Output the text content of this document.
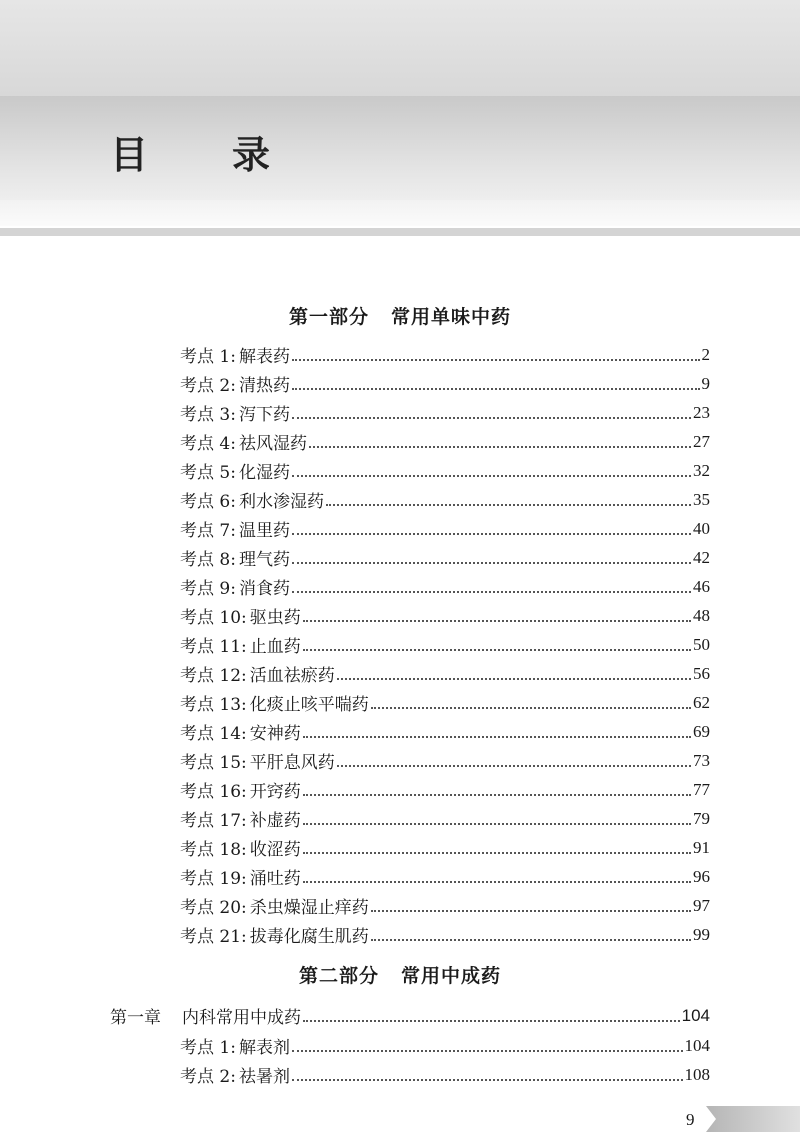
目 录
第一部分 常用单味中药
考点 1: 解表药	2
考点 2: 清热药	9
考点 3: 泻下药	23
考点 4: 祛风湿药	27
考点 5: 化湿药	32
考点 6: 利水渗湿药	35
考点 7: 温里药	40
考点 8: 理气药	42
考点 9: 消食药	46
考点 10: 驱虫药	48
考点 11: 止血药	50
考点 12: 活血祛瘀药	56
考点 13: 化痰止咳平喘药	62
考点 14: 安神药	69
考点 15: 平肝息风药	73
考点 16: 开窍药	77
考点 17: 补虚药	79
考点 18: 收涩药	91
考点 19: 涌吐药	96
考点 20: 杀虫燥湿止痒药	97
考点 21: 拔毒化腐生肌药	99
第二部分 常用中成药
第一章	内科常用中成药	104
考点 1: 解表剂	104
考点 2: 祛暑剂	108
9
